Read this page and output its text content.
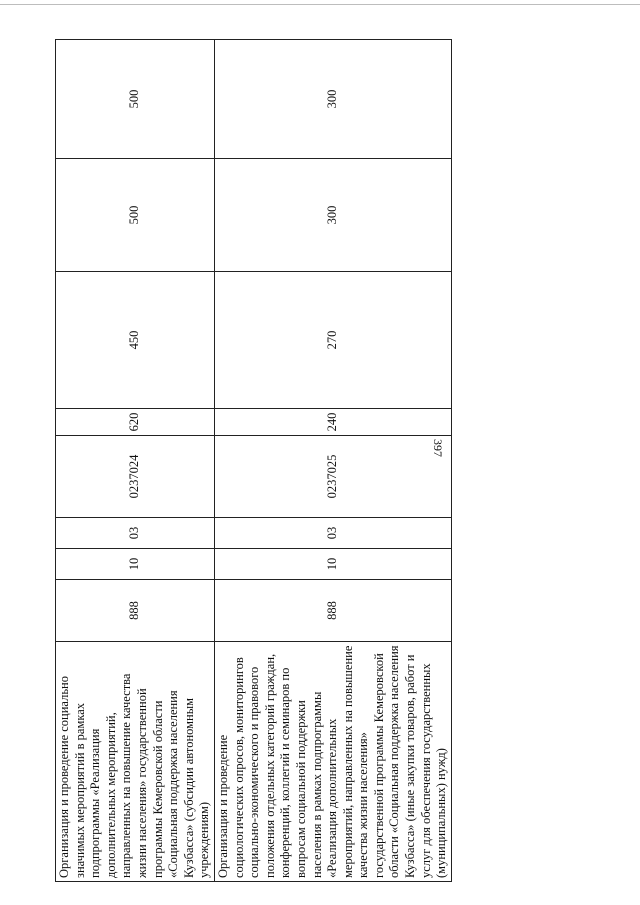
397
Организация и проведение социально значимых мероприятий в рамках подпрограммы «Реализация дополнительных мероприятий, направленных на повышение качества жизни населения» государственной программы Кемеровской области «Социальная поддержка населения Кузбасса» (субсидии автономным учреждениям)	888	10	03	0237024	620	450	500	500
Организация и проведение социологических опросов, мониторингов социально-экономического и правового положения отдельных категорий граждан, конференций, коллегий и семинаров по вопросам социальной поддержки населения в рамках подпрограммы «Реализация дополнительных мероприятий, направленных на повышение качества жизни населения» государственной программы Кемеровской области «Социальная поддержка населения Кузбасса» (иные закупки товаров, работ и услуг для обеспечения государственных (муниципальных) нужд)	888	10	03	0237025	240	270	300	300
